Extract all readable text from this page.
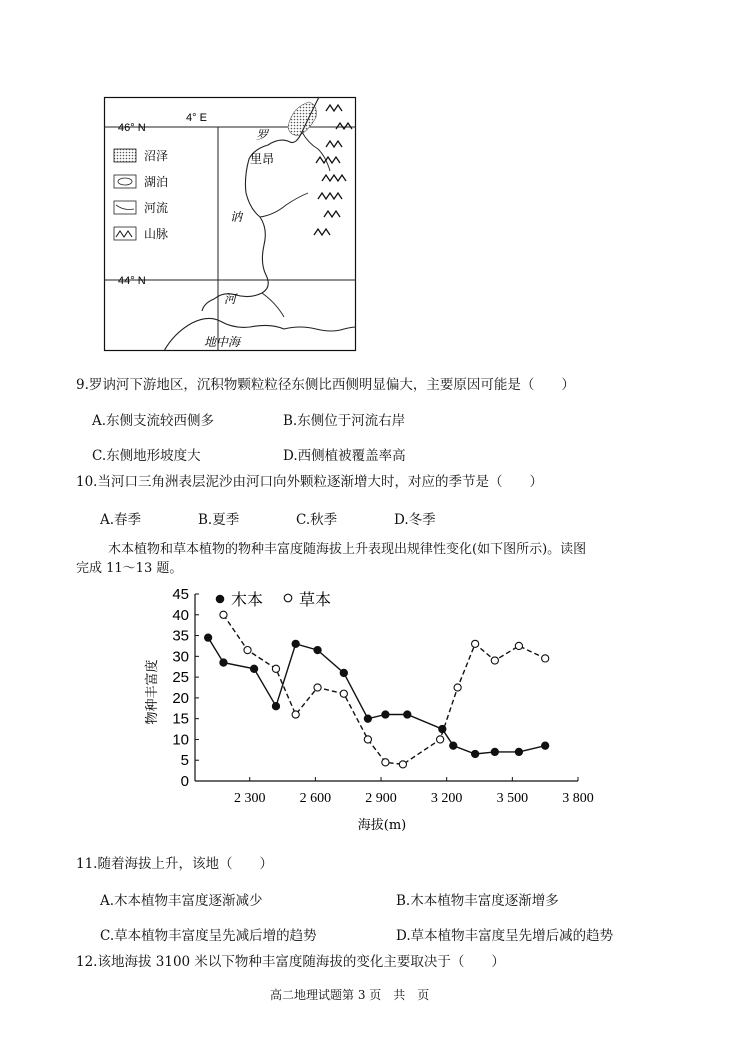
46° N
44° N
4° E
沼泽
湖泊
河流
山脉
里昂
罗
讷
河
地中海
9.罗讷河下游地区，沉积物颗粒粒径东侧比西侧明显偏大，主要原因可能是（　　）
A.东侧支流较西侧多	B.东侧位于河流右岸
C.东侧地形坡度大	D.西侧植被覆盖率高
10.当河口三角洲表层泥沙由河口向外颗粒逐渐增大时，对应的季节是（　　）
A.春季	B.夏季	C.秋季	D.冬季
木本植物和草本植物的物种丰富度随海拔上升表现出规律性变化(如下图所示)。读图
完成 11～13 题。
0
5
10
15
20
25
30
35
40
45
2 300 2 600 2 900 3 200 3 500 3 800
木本 草本
海拔(m)
物种丰富度
11.随着海拔上升，该地（　　）
A.木本植物丰富度逐渐减少	B.木本植物丰富度逐渐增多
C.草本植物丰富度呈先减后增的趋势	D.草本植物丰富度呈先增后减的趋势
12.该地海拔 3100 米以下物种丰富度随海拔的变化主要取决于（　　）
高二地理试题第 3 页　共　页
